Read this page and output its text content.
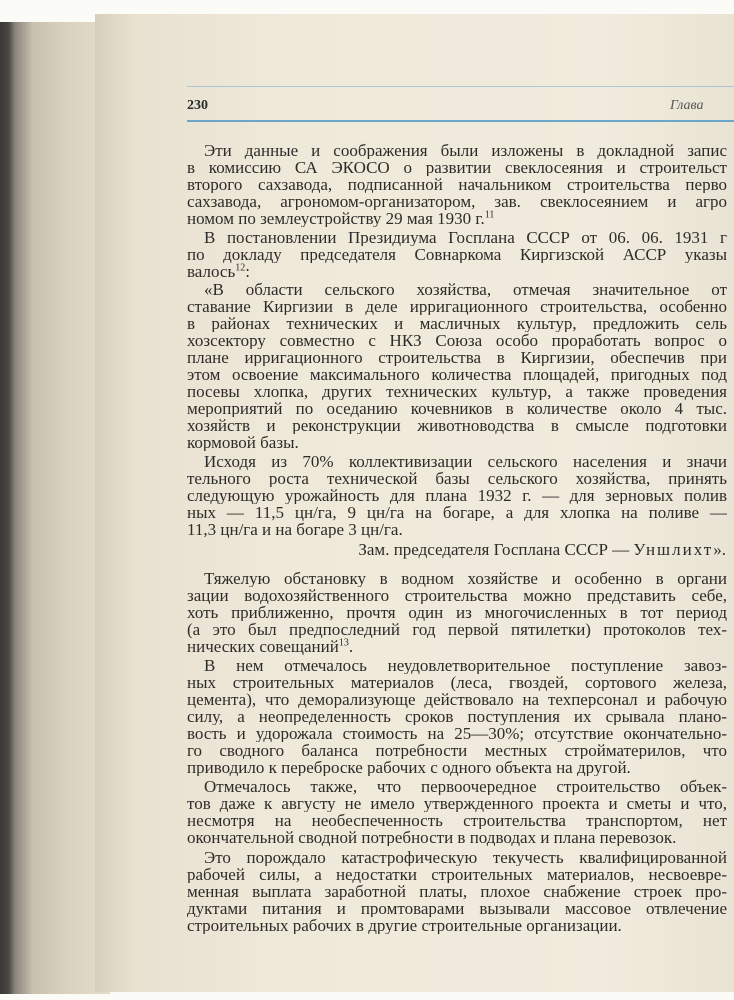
230	Глава
Эти данные и соображения были изложены в докладной запис
в комиссию СА ЭКОСО о развитии свеклосеяния и строительст
второго сахзавода, подписанной начальником строительства перво
сахзавода, агрономом-организатором, зав. свеклосеянием и агро
номом по землеустройству 29 мая 1930 г.$^{11}$
В постановлении Президиума Госплана СССР от 06. 06. 1931 г
по докладу председателя Совнаркома Киргизской АССР указы
валось$^{12}$:
«В области сельского хозяйства, отмечая значительное от
ставание Киргизии в деле ирригационного строительства, особенно
в районах технических и масличных культур, предложить сель
хозсектору совместно с НКЗ Союза особо проработать вопрос о
плане ирригационного строительства в Киргизии, обеспечив при
этом освоение максимального количества площадей, пригодных под
посевы хлопка, других технических культур, а также проведения
мероприятий по оседанию кочевников в количестве около 4 тыс.
хозяйств и реконструкции животноводства в смысле подготовки
кормовой базы.
Исходя из 70% коллективизации сельского населения и значи
тельного роста технической базы сельского хозяйства, принять
следующую урожайность для плана 1932 г. — для зерновых полив
ных — 11,5 цн/га, 9 цн/га на богаре, а для хлопка на поливе —
11,3 цн/га и на богаре 3 цн/га.
Тяжелую обстановку в водном хозяйстве и особенно в органи
зации водохозяйственного строительства можно представить себе,
хоть приближенно, прочтя один из многочисленных в тот период
(а это был предпоследний год первой пятилетки) протоколов тех-
нических совещаний$^{13}$.
В нем отмечалось неудовлетворительное поступление завоз-
ных строительных материалов (леса, гвоздей, сортового железа,
цемента), что деморализующе действовало на техперсонал и рабочую
силу, а неопределенность сроков поступления их срывала плано-
вость и удорожала стоимость на 25—30%; отсутствие окончательно-
го сводного баланса потребности местных стройматерилов, что
приводило к переброске рабочих с одного объекта на другой.
Отмечалось также, что первоочередное строительство объек-
тов даже к августу не имело утвержденного проекта и сметы и что,
несмотря на необеспеченность строительства транспортом, нет
окончательной сводной потребности в подводах и плана перевозок.
Это порождало катастрофическую текучесть квалифицированной
рабочей силы, а недостатки строительных материалов, несвоевре-
менная выплата заработной платы, плохое снабжение строек про-
дуктами питания и промтоварами вызывали массовое отвлечение
строительных рабочих в другие строительные организации.
Зам. председателя Госплана СССР — Уншлихт».
